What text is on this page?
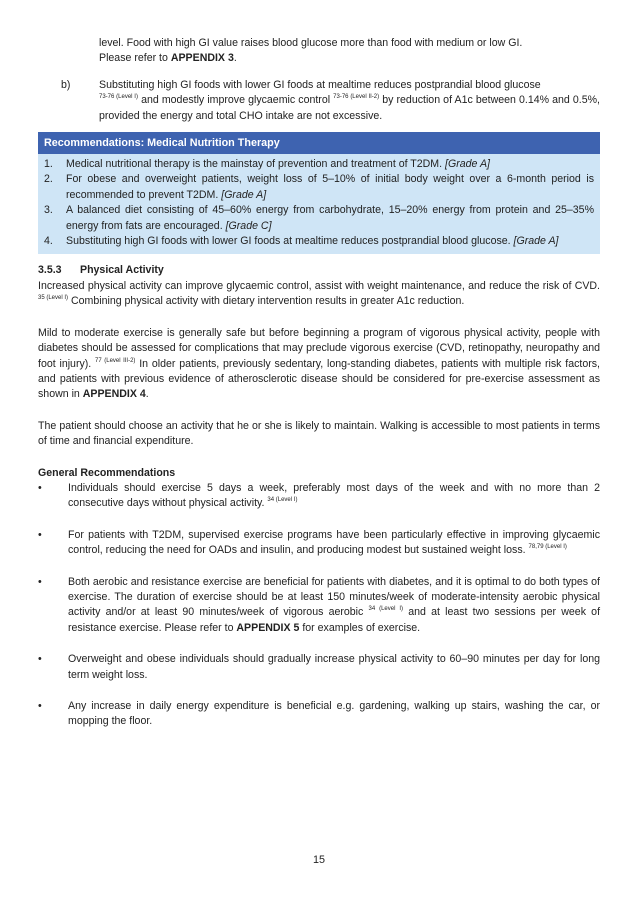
level. Food with high GI value raises blood glucose more than food with medium or low GI.
Please refer to APPENDIX 3.
b)	Substituting high GI foods with lower GI foods at mealtime reduces postprandial blood glucose
$^{73-76 (Level I)}$ and modestly improve glycaemic control $^{73-76 (Level II-2)}$ by reduction of A1c between 0.14% and 0.5%, provided the energy and total CHO intake are not excessive.
Recommendations: Medical Nutrition Therapy
1.	Medical nutritional therapy is the mainstay of prevention and treatment of T2DM. [Grade A]
2.	For obese and overweight patients, weight loss of 5–10% of initial body weight over a 6-month period is recommended to prevent T2DM. [Grade A]
3.	A balanced diet consisting of 45–60% energy from carbohydrate, 15–20% energy from protein and 25–35% energy from fats are encouraged. [Grade C]
4.	Substituting high GI foods with lower GI foods at mealtime reduces postprandial blood glucose. [Grade A]
3.5.3 Physical Activity

Increased physical activity can improve glycaemic control, assist with weight maintenance, and reduce the risk of CVD. $^{35 (Level I)}$ Combining physical activity with dietary intervention results in greater A1c reduction.

Mild to moderate exercise is generally safe but before beginning a program of vigorous physical activity, people with diabetes should be assessed for complications that may preclude vigorous exercise (CVD, retinopathy, neuropathy and foot injury). $^{77 (Level III-2)}$ In older patients, previously sedentary, long-standing diabetes, patients with multiple risk factors, and patients with previous evidence of atherosclerotic disease should be considered for pre-exercise assessment as shown in APPENDIX 4.

The patient should choose an activity that he or she is likely to maintain. Walking is accessible to most patients in terms of time and financial expenditure.

General Recommendations
•	Individuals should exercise 5 days a week, preferably most days of the week and with no more than 2 consecutive days without physical activity. $^{34 (Level I)}$
•	For patients with T2DM, supervised exercise programs have been particularly effective in improving glycaemic control, reducing the need for OADs and insulin, and producing modest but sustained weight loss. $^{78,79 (Level I)}$
•	Both aerobic and resistance exercise are beneficial for patients with diabetes, and it is optimal to do both types of exercise. The duration of exercise should be at least 150 minutes/week of moderate-intensity aerobic physical activity and/or at least 90 minutes/week of vigorous aerobic $^{34 (Level I)}$ and at least two sessions per week of resistance exercise. Please refer to APPENDIX 5 for examples of exercise.
•	Overweight and obese individuals should gradually increase physical activity to 60–90 minutes per day for long term weight loss.
•	Any increase in daily energy expenditure is beneficial e.g. gardening, walking up stairs, washing the car, or mopping the floor.
15
